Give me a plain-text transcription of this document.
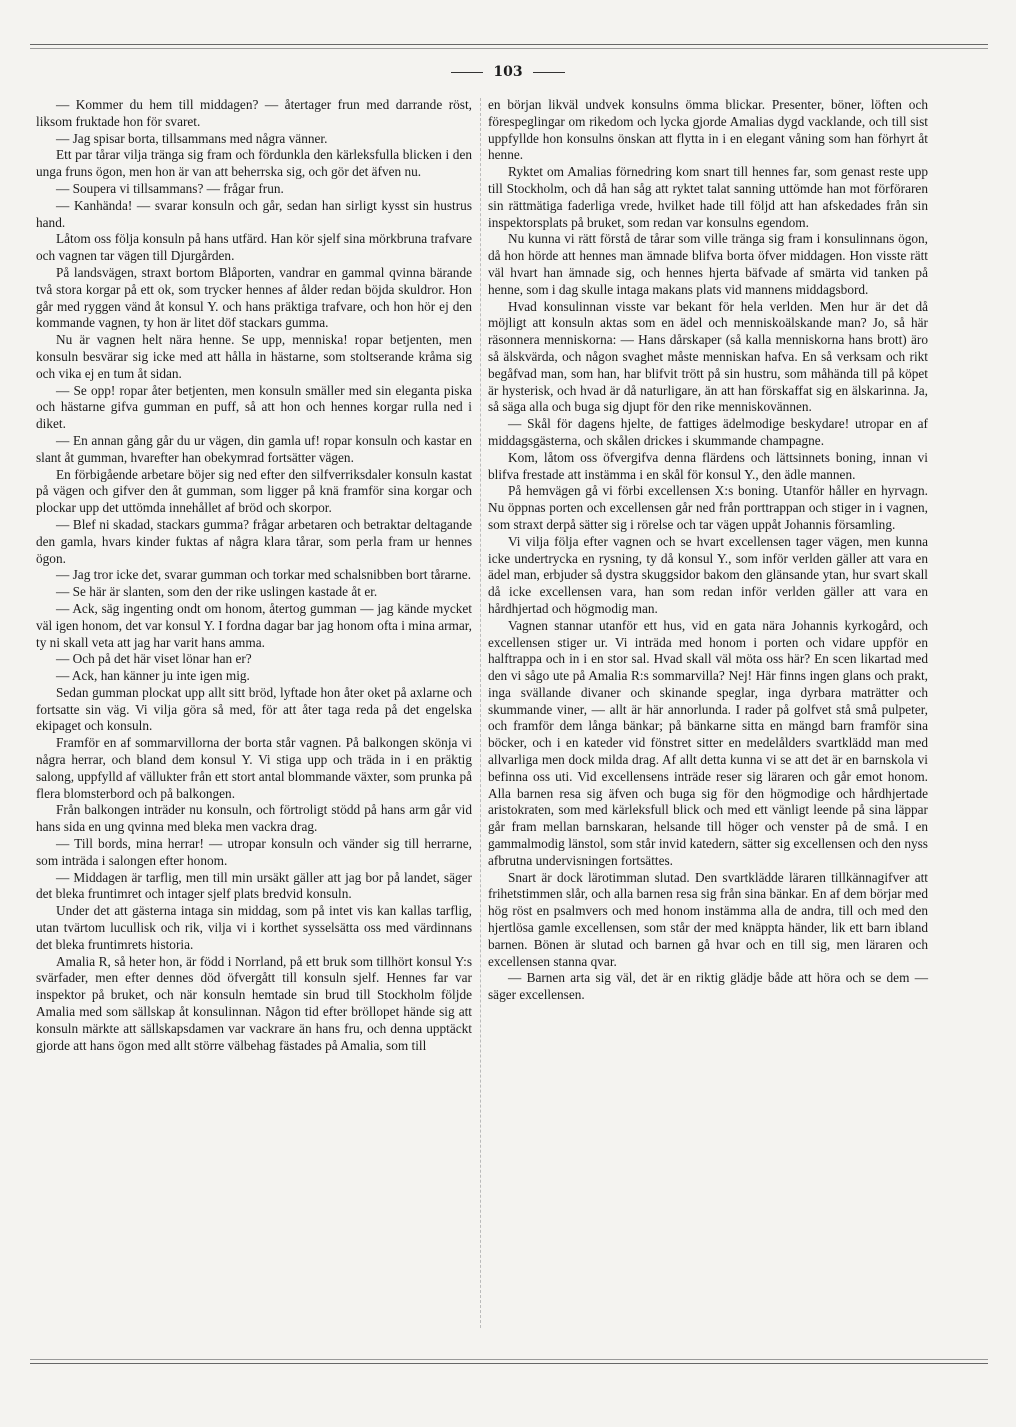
103

— Kommer du hem till middagen? — återtager frun med darrande röst, liksom fruktade hon för svaret.

— Jag spisar borta, tillsammans med några vänner.

Ett par tårar vilja tränga sig fram och fördunkla den kärleksfulla blicken i den unga fruns ögon, men hon är van att beherrska sig, och gör det äfven nu.

— Soupera vi tillsammans? — frågar frun.

— Kanhända! — svarar konsuln och går, sedan han sirligt kysst sin hustrus hand.

Låtom oss följa konsuln på hans utfärd. Han kör sjelf sina mörkbruna trafvare och vagnen tar vägen till Djurgården.

På landsvägen, straxt bortom Blåporten, vandrar en gammal qvinna bärande två stora korgar på ett ok, som trycker hennes af ålder redan böjda skuldror. Hon går med ryggen vänd åt konsul Y. och hans präktiga trafvare, och hon hör ej den kommande vagnen, ty hon är litet döf stackars gumma.

Nu är vagnen helt nära henne. Se upp, menniska! ropar betjenten, men konsuln besvärar sig icke med att hålla in hästarne, som stoltserande kråma sig och vika ej en tum åt sidan.

— Se opp! ropar åter betjenten, men konsuln smäller med sin eleganta piska och hästarne gifva gumman en puff, så att hon och hennes korgar rulla ned i diket.

— En annan gång går du ur vägen, din gamla uf! ropar konsuln och kastar en slant åt gumman, hvarefter han obekymrad fortsätter vägen.

En förbigående arbetare böjer sig ned efter den silfverriksdaler konsuln kastat på vägen och gifver den åt gumman, som ligger på knä framför sina korgar och plockar upp det uttömda innehållet af bröd och skorpor.

— Blef ni skadad, stackars gumma? frågar arbetaren och betraktar deltagande den gamla, hvars kinder fuktas af några klara tårar, som perla fram ur hennes ögon.

— Jag tror icke det, svarar gumman och torkar med schalsnibben bort tårarne.

— Se här är slanten, som den der rike uslingen kastade åt er.

— Ack, säg ingenting ondt om honom, återtog gumman — jag kände mycket väl igen honom, det var konsul Y. I fordna dagar bar jag honom ofta i mina armar, ty ni skall veta att jag har varit hans amma.

— Och på det här viset lönar han er?

— Ack, han känner ju inte igen mig.

Sedan gumman plockat upp allt sitt bröd, lyftade hon åter oket på axlarne och fortsatte sin väg. Vi vilja göra så med, för att åter taga reda på det engelska ekipaget och konsuln.

Framför en af sommarvillorna der borta står vagnen. På balkongen skönja vi några herrar, och bland dem konsul Y. Vi stiga upp och träda in i en präktig salong, uppfylld af vällukter från ett stort antal blommande växter, som prunka på flera blomsterbord och på balkongen.

Från balkongen inträder nu konsuln, och förtroligt stödd på hans arm går vid hans sida en ung qvinna med bleka men vackra drag.

— Till bords, mina herrar! — utropar konsuln och vänder sig till herrarne, som inträda i salongen efter honom.

— Middagen är tarflig, men till min ursäkt gäller att jag bor på landet, säger det bleka fruntimret och intager sjelf plats bredvid konsuln.

Under det att gästerna intaga sin middag, som på intet vis kan kallas tarflig, utan tvärtom lucullisk och rik, vilja vi i korthet sysselsätta oss med värdinnans det bleka fruntimrets historia.

Amalia R, så heter hon, är född i Norrland, på ett bruk som tillhört konsul Y:s svärfader, men efter dennes död öfvergått till konsuln sjelf. Hennes far var inspektor på bruket, och när konsuln hemtade sin brud till Stockholm följde Amalia med som sällskap åt konsulinnan. Någon tid efter bröllopet hände sig att konsuln märkte att sällskapsdamen var vackrare än hans fru, och denna upptäckt gjorde att hans ögon med allt större välbehag fästades på Amalia, som till

en början likväl undvek konsulns ömma blickar. Presenter, böner, löften och förespeglingar om rikedom och lycka gjorde Amalias dygd vacklande, och till sist uppfyllde hon konsulns önskan att flytta in i en elegant våning som han förhyrt åt henne.

Ryktet om Amalias förnedring kom snart till hennes far, som genast reste upp till Stockholm, och då han såg att ryktet talat sanning uttömde han mot förföraren sin rättmätiga faderliga vrede, hvilket hade till följd att han afskedades från sin inspektorsplats på bruket, som redan var konsulns egendom.

Nu kunna vi rätt förstå de tårar som ville tränga sig fram i konsulinnans ögon, då hon hörde att hennes man ämnade blifva borta öfver middagen. Hon visste rätt väl hvart han ämnade sig, och hennes hjerta bäfvade af smärta vid tanken på henne, som i dag skulle intaga makans plats vid mannens middagsbord.

Hvad konsulinnan visste var bekant för hela verlden. Men hur är det då möjligt att konsuln aktas som en ädel och menniskoälskande man? Jo, så här räsonnera menniskorna: — Hans dårskaper (så kalla menniskorna hans brott) äro så älskvärda, och någon svaghet måste menniskan hafva. En så verksam och rikt begåfvad man, som han, har blifvit trött på sin hustru, som måhända till på köpet är hysterisk, och hvad är då naturligare, än att han förskaffat sig en älskarinna. Ja, så säga alla och buga sig djupt för den rike menniskovännen.

— Skål för dagens hjelte, de fattiges ädelmodige beskydare! utropar en af middagsgästerna, och skålen drickes i skummande champagne.

Kom, låtom oss öfvergifva denna flärdens och lättsinnets boning, innan vi blifva frestade att instämma i en skål för konsul Y., den ädle mannen.

På hemvägen gå vi förbi excellensen X:s boning. Utanför håller en hyrvagn. Nu öppnas porten och excellensen går ned från porttrappan och stiger in i vagnen, som straxt derpå sätter sig i rörelse och tar vägen uppåt Johannis församling.

Vi vilja följa efter vagnen och se hvart excellensen tager vägen, men kunna icke undertrycka en rysning, ty då konsul Y., som inför verlden gäller att vara en ädel man, erbjuder så dystra skuggsidor bakom den glänsande ytan, hur svart skall då icke excellensen vara, han som redan inför verlden gäller att vara en hårdhjertad och högmodig man.

Vagnen stannar utanför ett hus, vid en gata nära Johannis kyrkogård, och excellensen stiger ur. Vi inträda med honom i porten och vidare uppför en halftrappa och in i en stor sal. Hvad skall väl möta oss här? En scen likartad med den vi sågo ute på Amalia R:s sommarvilla? Nej! Här finns ingen glans och prakt, inga svällande divaner och skinande speglar, inga dyrbara maträtter och skummande viner, — allt är här annorlunda. I rader på golfvet stå små pulpeter, och framför dem långa bänkar; på bänkarne sitta en mängd barn framför sina böcker, och i en kateder vid fönstret sitter en medelålders svartklädd man med allvarliga men dock milda drag. Af allt detta kunna vi se att det är en barnskola vi befinna oss uti. Vid excellensens inträde reser sig läraren och går emot honom. Alla barnen resa sig äfven och buga sig för den högmodige och hårdhjertade aristokraten, som med kärleksfull blick och med ett vänligt leende på sina läppar går fram mellan barnskaran, helsande till höger och venster på de små. I en gammalmodig länstol, som står invid katedern, sätter sig excellensen och den nyss afbrutna undervisningen fortsättes.

Snart är dock lärotimman slutad. Den svartklädde läraren tillkännagifver att frihetstimmen slår, och alla barnen resa sig från sina bänkar. En af dem börjar med hög röst en psalmvers och med honom instämma alla de andra, till och med den hjertlösa gamle excellensen, som står der med knäppta händer, lik ett barn ibland barnen. Bönen är slutad och barnen gå hvar och en till sig, men läraren och excellensen stanna qvar.

— Barnen arta sig väl, det är en riktig glädje både att höra och se dem — säger excellensen.
